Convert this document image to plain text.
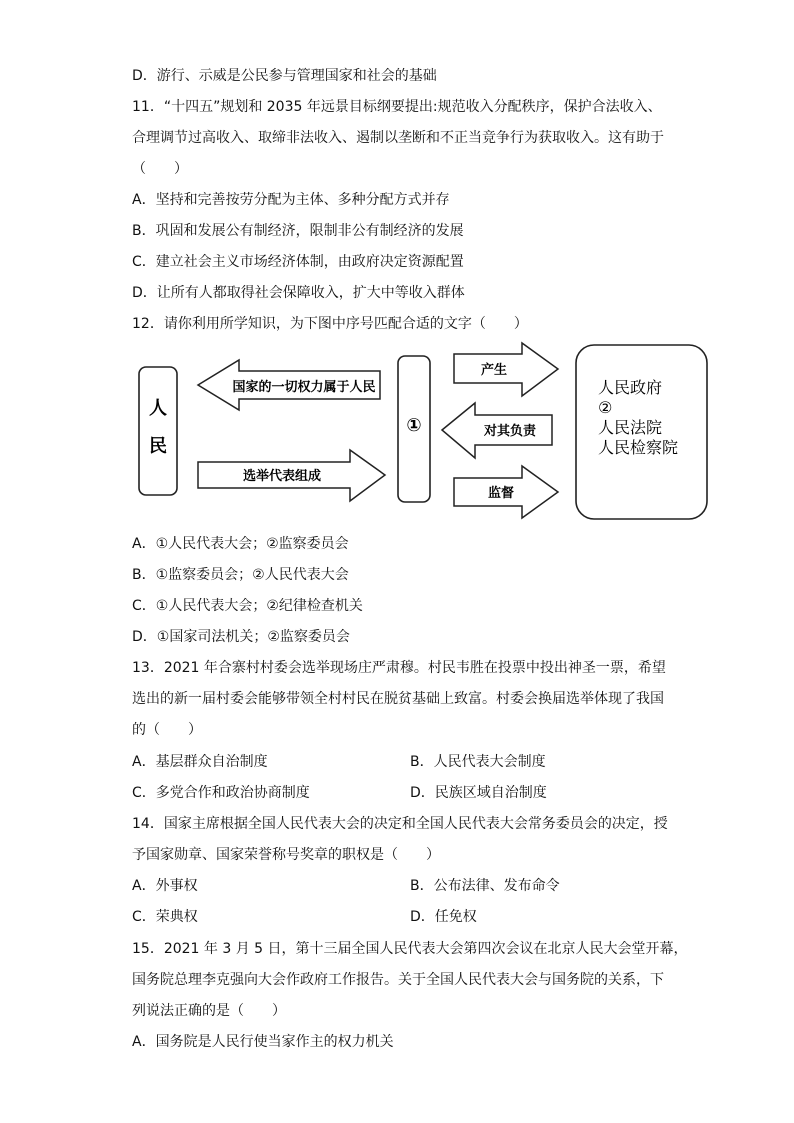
D．游行、示威是公民参与管理国家和社会的基础
11．“十四五”规划和 2035 年远景目标纲要提出:规范收入分配秩序，保护合法收入、
合理调节过高收入、取缔非法收入、遏制以垄断和不正当竞争行为获取收入。这有助于
（　　）
A．坚持和完善按劳分配为主体、多种分配方式并存
B．巩固和发展公有制经济，限制非公有制经济的发展
C．建立社会主义市场经济体制，由政府决定资源配置
D．让所有人都取得社会保障收入，扩大中等收入群体
12．请你利用所学知识，为下图中序号匹配合适的文字（　　）
人
民
国家的一切权力属于人民
选举代表组成
①
产生
对其负责
监督
人民政府
②
人民法院
人民检察院
A．①人民代表大会；②监察委员会
B．①监察委员会；②人民代表大会
C．①人民代表大会；②纪律检查机关
D．①国家司法机关；②监察委员会
13．2021 年合寨村村委会选举现场庄严肃穆。村民韦胜在投票中投出神圣一票，希望
选出的新一届村委会能够带领全村村民在脱贫基础上致富。村委会换届选举体现了我国
的（　　）
A．基层群众自治制度	B．人民代表大会制度
C．多党合作和政治协商制度	D．民族区域自治制度
14．国家主席根据全国人民代表大会的决定和全国人民代表大会常务委员会的决定，授
予国家勋章、国家荣誉称号奖章的职权是（　　）
A．外事权	B．公布法律、发布命令
C．荣典权	D．任免权
15．2021 年 3 月 5 日，第十三届全国人民代表大会第四次会议在北京人民大会堂开幕，
国务院总理李克强向大会作政府工作报告。关于全国人民代表大会与国务院的关系，下
列说法正确的是（　　）
A．国务院是人民行使当家作主的权力机关
